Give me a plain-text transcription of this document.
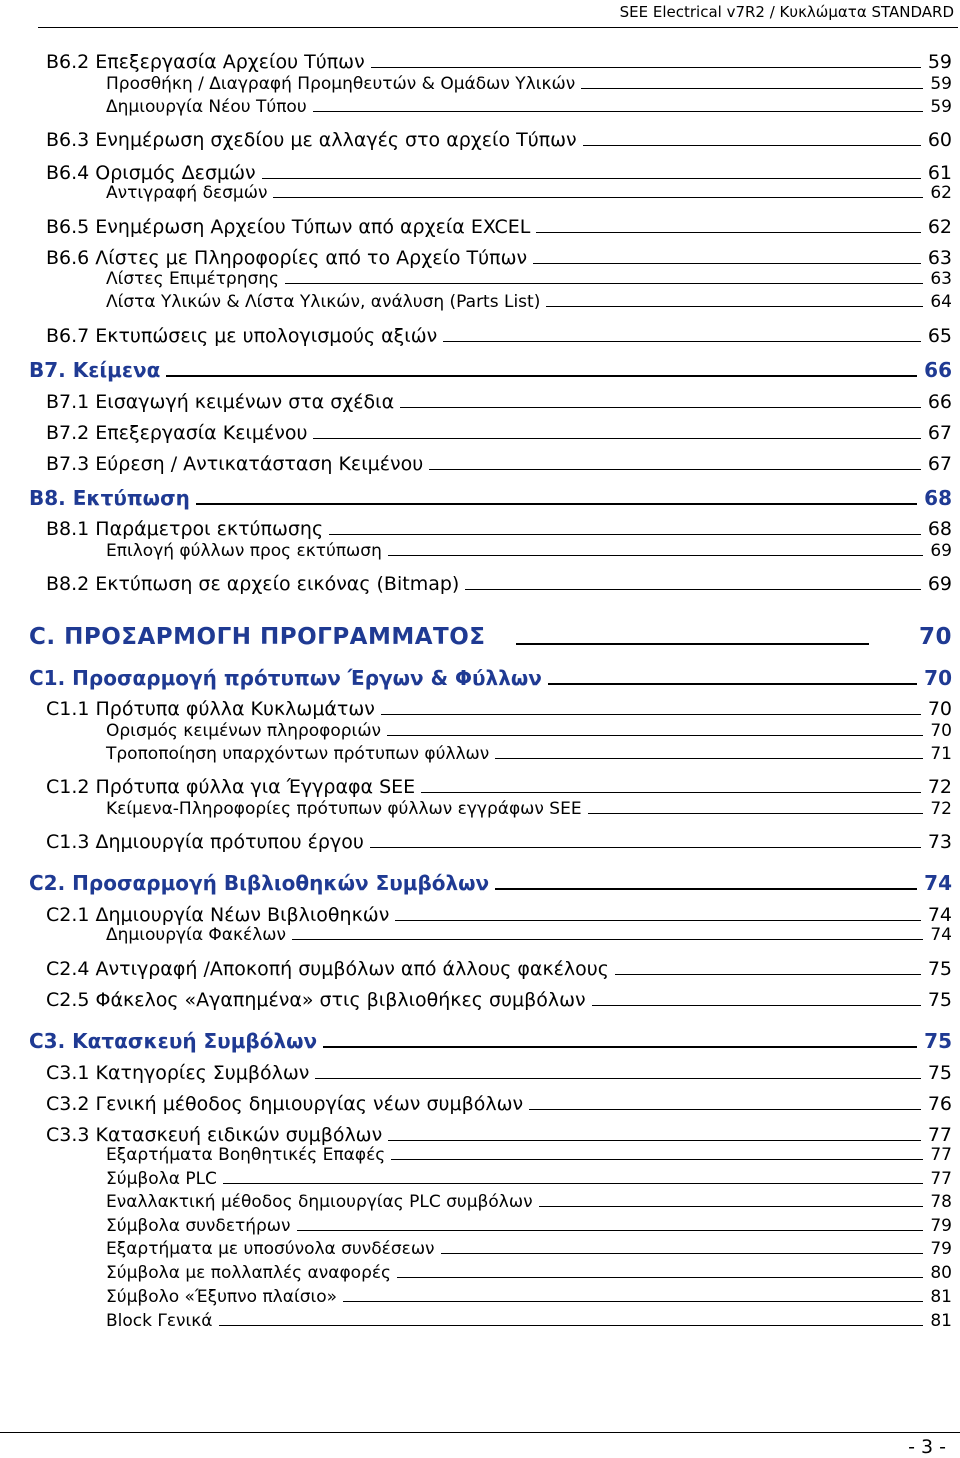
SEE Electrical v7R2 / Κυκλώματα STANDARD
B6.2 Επεξεργασία Αρχείου Τύπων	59
Προσθήκη / Διαγραφή Προμηθευτών & Ομάδων Υλικών	59
Δημιουργία Νέου Τύπου	59
B6.3 Ενημέρωση σχεδίου με αλλαγές στο αρχείο Τύπων	60
B6.4 Ορισμός Δεσμών	61
Αντιγραφή δεσμών	62
B6.5 Ενημέρωση Αρχείου Τύπων από αρχεία EXCEL	62
B6.6 Λίστες με Πληροφορίες από το Αρχείο Τύπων	63
Λίστες Επιμέτρησης	63
Λίστα Υλικών & Λίστα Υλικών, ανάλυση (Parts List)	64
B6.7 Εκτυπώσεις με υπολογισμούς αξιών	65
B7. Κείμενα	66
B7.1 Εισαγωγή κειμένων στα σχέδια	66
B7.2 Επεξεργασία Κειμένου	67
B7.3 Εύρεση / Αντικατάσταση Κειμένου	67
B8. Εκτύπωση	68
B8.1 Παράμετροι εκτύπωσης	68
Επιλογή φύλλων προς εκτύπωση	69
B8.2 Εκτύπωση σε αρχείο εικόνας (Bitmap)	69
C. ΠΡΟΣΑΡΜΟΓΗ ΠΡΟΓΡΑΜΜΑΤΟΣ	70
C1. Προσαρμογή πρότυπων Έργων & Φύλλων	70
C1.1 Πρότυπα φύλλα Κυκλωμάτων	70
Ορισμός κειμένων πληροφοριών	70
Τροποποίηση υπαρχόντων πρότυπων φύλλων	71
C1.2 Πρότυπα φύλλα για Έγγραφα SEE	72
Κείμενα-Πληροφορίες πρότυπων φύλλων εγγράφων SEE	72
C1.3 Δημιουργία πρότυπου έργου	73
C2. Προσαρμογή Βιβλιοθηκών Συμβόλων	74
C2.1 Δημιουργία Νέων Βιβλιοθηκών	74
Δημιουργία Φακέλων	74
C2.4 Αντιγραφή /Αποκοπή συμβόλων από άλλους φακέλους	75
C2.5 Φάκελος «Αγαπημένα» στις βιβλιοθήκες συμβόλων	75
C3. Κατασκευή Συμβόλων	75
C3.1 Κατηγορίες Συμβόλων	75
C3.2 Γενική μέθοδος δημιουργίας νέων συμβόλων	76
C3.3 Κατασκευή ειδικών συμβόλων	77
Εξαρτήματα Βοηθητικές Επαφές	77
Σύμβολα PLC	77
Εναλλακτική μέθοδος δημιουργίας PLC συμβόλων	78
Σύμβολα συνδετήρων	79
Εξαρτήματα με υποσύνολα συνδέσεων	79
Σύμβολα με πολλαπλές αναφορές	80
Σύμβολο «Έξυπνο πλαίσιο»	81
Block Γενικά	81
- 3 -
